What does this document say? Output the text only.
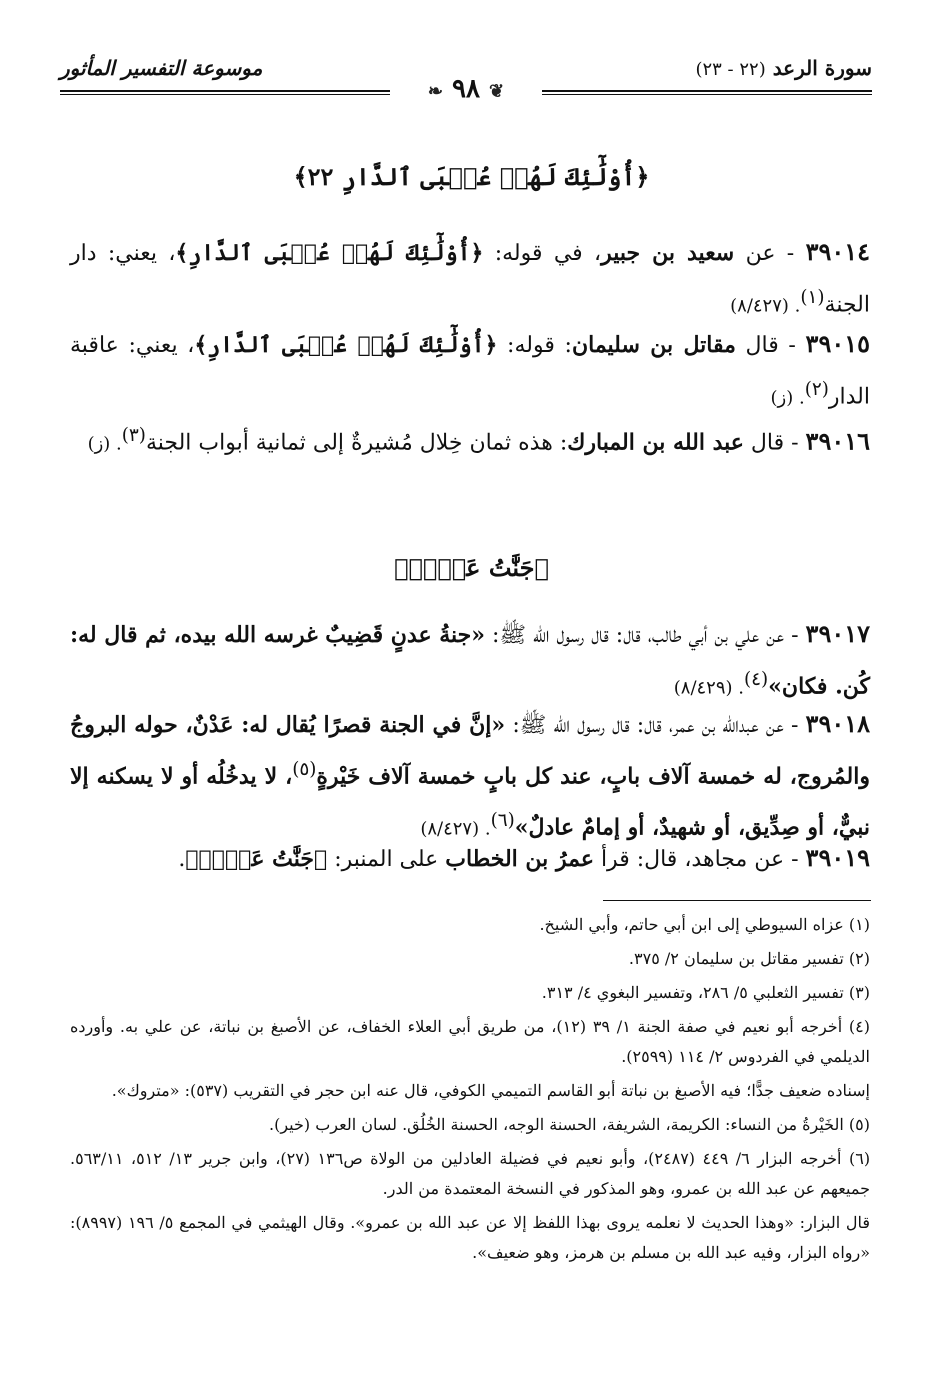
سورة الرعد (٢٢ - ٢٣)
موسوعة التفسير المأثور
❦ ٩٨ ❧
﴿أُوْلَٰٓئِكَ لَهُمۡ عُقۡبَى ٱلدَّارِ ٢٢﴾
٣٩٠١٤ - عن سعيد بن جبير، في قوله: ﴿أُوْلَٰٓئِكَ لَهُمۡ عُقۡبَى ٱلدَّارِ﴾، يعني: دار الجنة$^{(١)}$. (٨/٤٢٧)
٣٩٠١٥ - قال مقاتل بن سليمان: قوله: ﴿أُوْلَٰٓئِكَ لَهُمۡ عُقۡبَى ٱلدَّارِ﴾، يعني: عاقبة الدار$^{(٢)}$. (ز)
٣٩٠١٦ - قال عبد الله بن المبارك: هذه ثمان خِلال مُشيرةٌ إلى ثمانية أبواب الجنة$^{(٣)}$. (ز)
﴿جَنَّٰتُ عَدۡنٖ﴾
٣٩٠١٧ - عن علي بن أبي طالب، قال: قال رسول الله ﷺ: «جنةُ عدنٍ قَضِيبٌ غرسه الله بيده، ثم قال له: كُن. فكان»$^{(٤)}$. (٨/٤٢٩)
٣٩٠١٨ - عن عبدالله بن عمر، قال: قال رسول الله ﷺ: «إنَّ في الجنة قصرًا يُقال له: عَدْنٌ، حوله البروجُ والمُروج، له خمسة آلاف بابٍ، عند كل بابٍ خمسة آلاف خَيْرةٍ$^{(٥)}$، لا يدخُلُه أو لا يسكنه إلا نبيٌّ، أو صِدِّيق، أو شهيدٌ، أو إمامٌ عادلٌ»$^{(٦)}$. (٨/٤٢٧)
٣٩٠١٩ - عن مجاهد، قال: قرأ عمرُ بن الخطاب على المنبر: ﴿جَنَّٰتُ عَدۡنٖ﴾.

(١) عزاه السيوطي إلى ابن أبي حاتم، وأبي الشيخ.

(٢) تفسير مقاتل بن سليمان ٢/ ٣٧٥.

(٣) تفسير الثعلبي ٥/ ٢٨٦، وتفسير البغوي ٤/ ٣١٣.

(٤) أخرجه أبو نعيم في صفة الجنة ١/ ٣٩ (١٢)، من طريق أبي العلاء الخفاف، عن الأصبغ بن نباتة، عن علي به. وأورده الديلمي في الفردوس ٢/ ١١٤ (٢٥٩٩).

إسناده ضعيف جدًّا؛ فيه الأصبغ بن نباتة أبو القاسم التميمي الكوفي، قال عنه ابن حجر في التقريب (٥٣٧): «متروك».

(٥) الخَيْرةُ من النساء: الكريمة، الشريفة، الحسنة الوجه، الحسنة الخُلُق. لسان العرب (خير).

(٦) أخرجه البزار ٦/ ٤٤٩ (٢٤٨٧)، وأبو نعيم في فضيلة العادلين من الولاة ص١٣٦ (٢٧)، وابن جرير ١٣/ ٥١٢، ٥٦٣/١١. جميعهم عن عبد الله بن عمرو، وهو المذكور في النسخة المعتمدة من الدر.

قال البزار: «وهذا الحديث لا نعلمه يروى بهذا اللفظ إلا عن عبد الله بن عمرو». وقال الهيثمي في المجمع ٥/ ١٩٦ (٨٩٩٧): «رواه البزار، وفيه عبد الله بن مسلم بن هرمز، وهو ضعيف».
